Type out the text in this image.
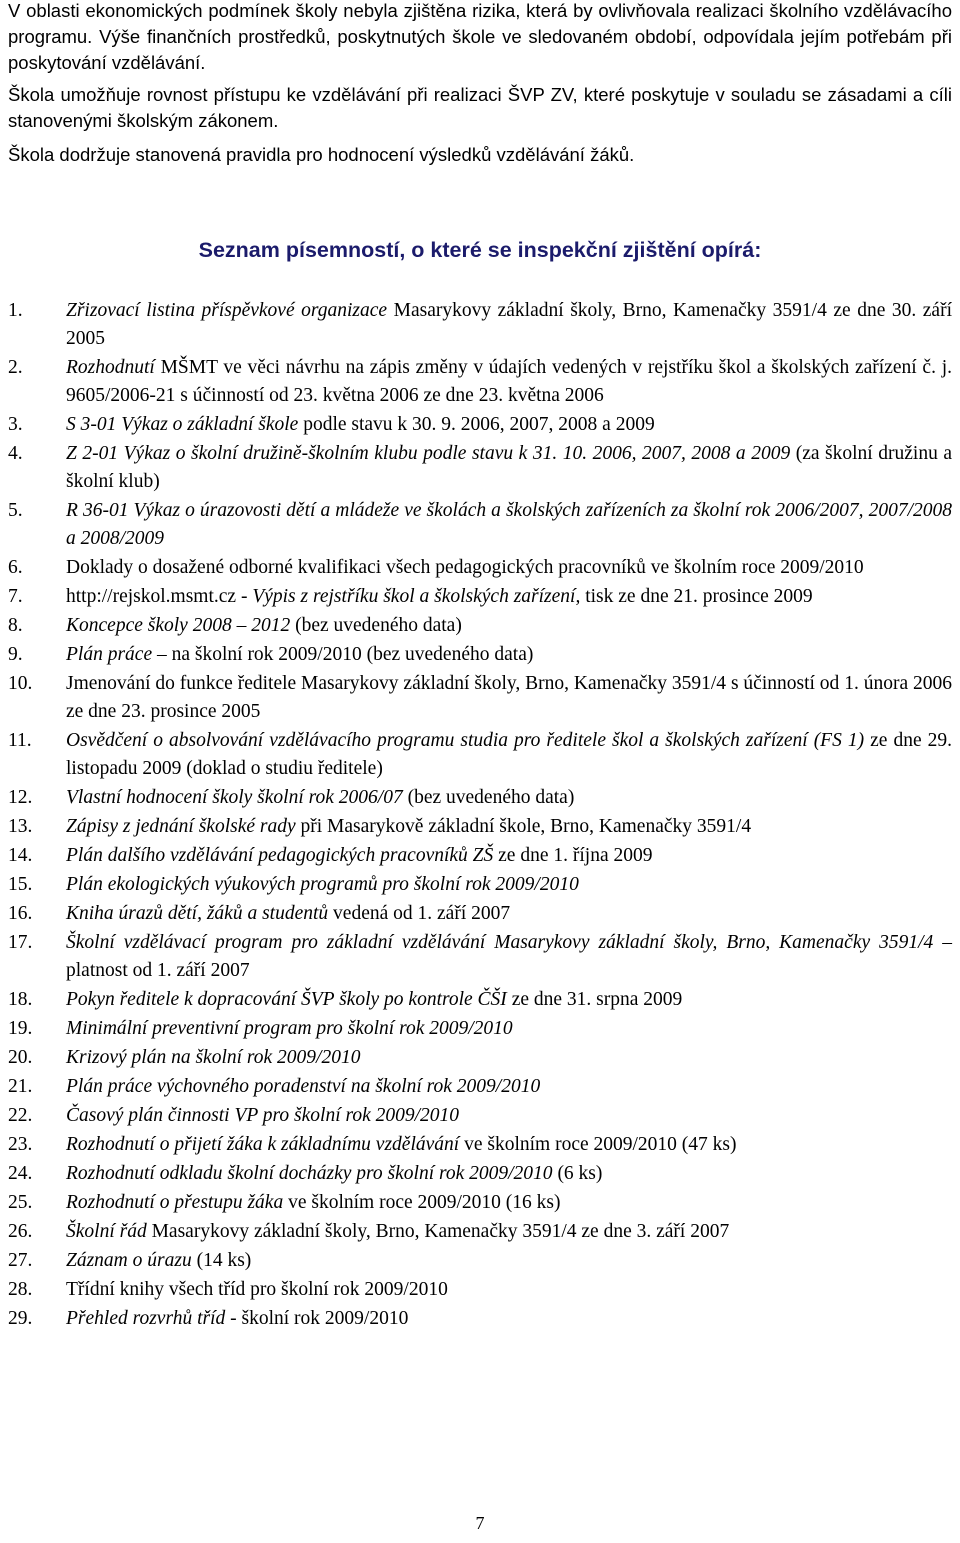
V oblasti ekonomických podmínek školy nebyla zjištěna rizika, která by ovlivňovala realizaci školního vzdělávacího programu. Výše finančních prostředků, poskytnutých škole ve sledovaném období, odpovídala jejím potřebám při poskytování vzdělávání.

Škola umožňuje rovnost přístupu ke vzdělávání při realizaci ŠVP ZV, které poskytuje v souladu se zásadami a cíli stanovenými školským zákonem.

Škola dodržuje stanovená pravidla pro hodnocení výsledků vzdělávání žáků.

Seznam písemností, o které se inspekční zjištění opírá:
1.	Zřizovací listina příspěvkové organizace Masarykovy základní školy, Brno, Kamenačky 3591/4 ze dne 30. září 2005
2.	Rozhodnutí MŠMT ve věci návrhu na zápis změny v údajích vedených v rejstříku škol a školských zařízení č. j. 9605/2006-21 s účinností od 23. května 2006 ze dne 23. května 2006
3.	S 3-01 Výkaz o základní škole podle stavu k 30. 9. 2006, 2007, 2008 a 2009
4.	Z 2-01 Výkaz o školní družině-školním klubu podle stavu k 31. 10. 2006, 2007, 2008 a 2009 (za školní družinu a školní klub)
5.	R 36-01 Výkaz o úrazovosti dětí a mládeže ve školách a školských zařízeních za školní rok 2006/2007, 2007/2008 a 2008/2009
6.	Doklady o dosažené odborné kvalifikaci všech pedagogických pracovníků ve školním roce 2009/2010
7.	http://rejskol.msmt.cz - Výpis z rejstříku škol a školských zařízení, tisk ze dne 21. prosince 2009
8.	Koncepce školy 2008 – 2012 (bez uvedeného data)
9.	Plán práce – na školní rok 2009/2010 (bez uvedeného data)
10.	Jmenování do funkce ředitele Masarykovy základní školy, Brno, Kamenačky 3591/4 s účinností od 1. února 2006 ze dne 23. prosince 2005
11.	Osvědčení o absolvování vzdělávacího programu studia pro ředitele škol a školských zařízení (FS 1) ze dne 29. listopadu 2009 (doklad o studiu ředitele)
12.	Vlastní hodnocení školy školní rok 2006/07 (bez uvedeného data)
13.	Zápisy z jednání školské rady při Masarykově základní škole, Brno, Kamenačky 3591/4
14.	Plán dalšího vzdělávání pedagogických pracovníků ZŠ ze dne 1. října 2009
15.	Plán ekologických výukových programů pro školní rok 2009/2010
16.	Kniha úrazů dětí, žáků a studentů vedená od 1. září 2007
17.	Školní vzdělávací program pro základní vzdělávání Masarykovy základní školy, Brno, Kamenačky 3591/4 – platnost od 1. září 2007
18.	Pokyn ředitele k dopracování ŠVP školy po kontrole ČŠI ze dne 31. srpna 2009
19.	Minimální preventivní program pro školní rok 2009/2010
20.	Krizový plán na školní rok 2009/2010
21.	Plán práce výchovného poradenství na školní rok 2009/2010
22.	Časový plán činnosti VP pro školní rok 2009/2010
23.	Rozhodnutí o přijetí žáka k základnímu vzdělávání ve školním roce 2009/2010 (47 ks)
24.	Rozhodnutí odkladu školní docházky pro školní rok 2009/2010 (6 ks)
25.	Rozhodnutí o přestupu žáka ve školním roce 2009/2010 (16 ks)
26.	Školní řád Masarykovy základní školy, Brno, Kamenačky 3591/4 ze dne 3. září 2007
27.	Záznam o úrazu (14 ks)
28.	Třídní knihy všech tříd pro školní rok 2009/2010
29.	Přehled rozvrhů tříd - školní rok 2009/2010
7
